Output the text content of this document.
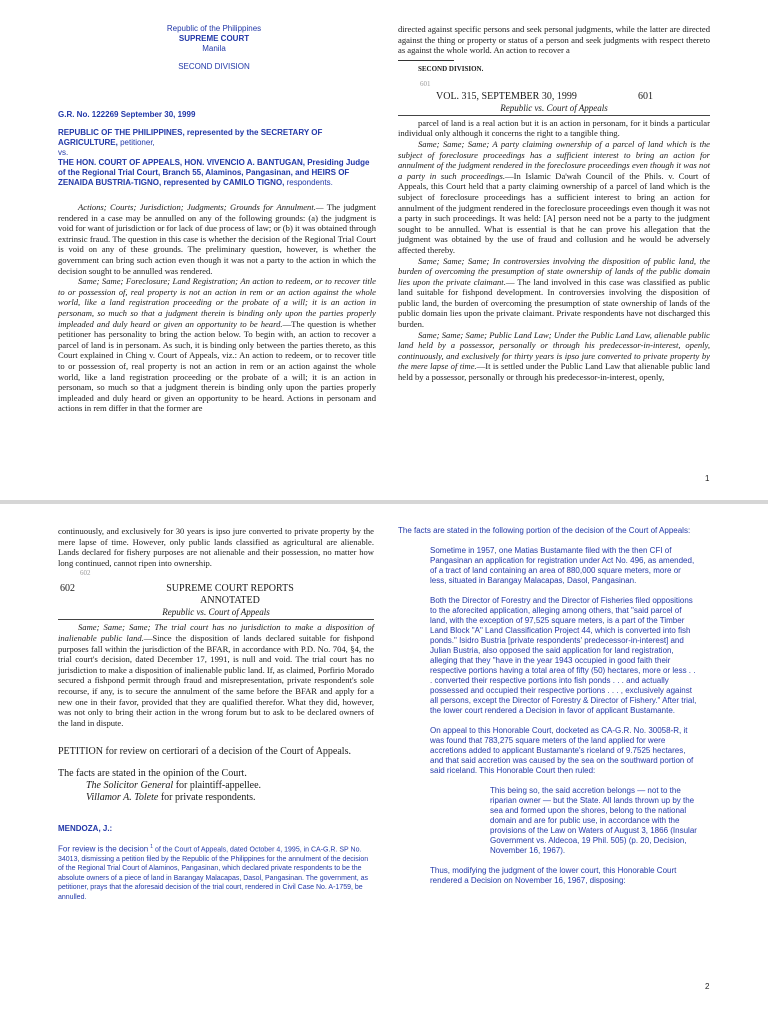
Republic of the Philippines

SUPREME COURT

Manila

SECOND DIVISION

G.R. No. 122269 September 30, 1999

REPUBLIC OF THE PHILIPPINES, represented by the SECRETARY OF AGRICULTURE, petitioner,

vs.

THE HON. COURT OF APPEALS, HON. VIVENCIO A. BANTUGAN, Presiding Judge of the Regional Trial Court, Branch 55, Alaminos, Pangasinan, and HEIRS OF ZENAIDA BUSTRIA-TIGNO, represented by CAMILO TIGNO, respondents.

Actions; Courts; Jurisdiction; Judgments; Grounds for Annulment.— The judgment rendered in a case may be annulled on any of the following grounds: (a) the judgment is void for want of jurisdiction or for lack of due process of law; or (b) it was obtained through extrinsic fraud. The question in this case is whether the decision of the Regional Trial Court is void on any of these grounds. The preliminary question, however, is whether the government can bring such action even though it was not a party to the action in which the decision sought to be annulled was rendered.

Same; Same; Foreclosure; Land Registration; An action to redeem, or to recover title to or possession of, real property is not an action in rem or an action against the whole world, like a land registration proceeding or the probate of a will; it is an action in personam, so much so that a judgment therein is binding only upon the parties properly impleaded and duly heard or given an opportunity to be heard.—The question is whether petitioner has personality to bring the action below. To begin with, an action to recover a parcel of land is in personam. As such, it is binding only between the parties thereto, as this Court explained in Ching v. Court of Appeals, viz.: An action to redeem, or to recover title to or possession of, real property is not an action in rem or an action against the whole world, like a land registration proceeding or the probate of a will; it is an action in personam, so much so that a judgment therein is binding only upon the parties properly impleaded and duly heard or given an opportunity to be heard. Actions in personam and actions in rem differ in that the former are

directed against specific persons and seek personal judgments, while the latter are directed against the thing or property or status of a person and seek judgments with respect thereto as against the whole world. An action to recover a

SECOND DIVISION.

601

VOL. 315, SEPTEMBER 30, 1999	601

Republic vs. Court of Appeals

parcel of land is a real action but it is an action in personam, for it binds a particular individual only although it concerns the right to a tangible thing.

Same; Same; Same; A party claiming ownership of a parcel of land which is the subject of foreclosure proceedings has a sufficient interest to bring an action for annulment of the judgment rendered in the foreclosure proceedings even though it was not a party in such proceedings.—In Islamic Da'wah Council of the Phils. v. Court of Appeals, this Court held that a party claiming ownership of a parcel of land which is the subject of foreclosure proceedings has a sufficient interest to bring an action for annulment of the judgment rendered in the foreclosure proceedings even though it was not a party in such proceedings. It was held: [A] person need not be a party to the judgment sought to be annulled. What is essential is that he can prove his allegation that the judgment was obtained by the use of fraud and collusion and he would be adversely affected thereby.

Same; Same; Same; In controversies involving the disposition of public land, the burden of overcoming the presumption of state ownership of lands of the public domain lies upon the private claimant.— The land involved in this case was classified as public land suitable for fishpond development. In controversies involving the disposition of public land, the burden of overcoming the presumption of state ownership of lands of the public domain lies upon the private claimant. Private respondents have not discharged this burden.

Same; Same; Same; Public Land Law; Under the Public Land Law, alienable public land held by a possessor, personally or through his predecessor-in-interest, openly, continuously, and exclusively for thirty years is ipso jure converted to private property by the mere lapse of time.—It is settled under the Public Land Law that alienable public land held by a possessor, personally or through his predecessor-in-interest, openly,

1

continuously, and exclusively for 30 years is ipso jure converted to private property by the mere lapse of time. However, only public lands classified as agricultural are alienable. Lands declared for fishery purposes are not alienable and their possession, no matter how long continued, cannot ripen into ownership.

602

602	SUPREME COURT REPORTS
ANNOTATED

Republic vs. Court of Appeals

Same; Same; Same; The trial court has no jurisdiction to make a disposition of inalienable public land.—Since the disposition of lands declared suitable for fishpond purposes fall within the jurisdiction of the BFAR, in accordance with P.D. No. 704, §4, the trial court's decision, dated December 17, 1991, is null and void. The trial court has no jurisdiction to make a disposition of inalienable public land. If, as claimed, Porfirio Morado secured a fishpond permit through fraud and misrepresentation, private respondent's sole recourse, if any, is to secure the annulment of the same before the BFAR and apply for a new one in their favor, provided that they are qualified therefor. What they did, however, was not only to bring their action in the wrong forum but to ask to be declared owners of the land in dispute.

PETITION for review on certiorari of a decision of the Court of Appeals.

The facts are stated in the opinion of the Court.

The Solicitor General for plaintiff-appellee.

Villamor A. Tolete for private respondents.

MENDOZA, J.:

For review is the decision $^1$ of the Court of Appeals, dated October 4, 1995, in CA-G.R. SP No. 34013, dismissing a petition filed by the Republic of the Philippines for the annulment of the decision of the Regional Trial Court of Alaminos, Pangasinan, which declared private respondents to be the absolute owners of a piece of land in Barangay Malacapas, Dasol, Pangasinan. The government, as petitioner, prays that the aforesaid decision of the trial court, rendered in Civil Case No. A-1759, be annulled.

The facts are stated in the following portion of the decision of the Court of Appeals:

Sometime in 1957, one Matias Bustamante filed with the then CFI of Pangasinan an application for registration under Act No. 496, as amended, of a tract of land containing an area of 880,000 square meters, more or less, situated in Barangay Malacapas, Dasol, Pangasinan.

Both the Director of Forestry and the Director of Fisheries filed oppositions to the aforecited application, alleging among others, that "said parcel of land, with the exception of 97,525 square meters, is a part of the Timber Land Block "A" Land Classification Project 44, which is converted into fish ponds." Isidro Bustria [private respondents' predecessor-in-interest] and Julian Bustria, also opposed the said application for land registration, alleging that they "have in the year 1943 occupied in good faith their respective portions having a total area of fifty (50) hectares, more or less . . . converted their respective portions into fish ponds . . . and actually possessed and occupied their respective portions . . . , exclusively against all persons, except the Director of Forestry & Director of Fishery." After trial, the lower court rendered a Decision in favor of applicant Bustamante.

On appeal to this Honorable Court, docketed as CA-G.R. No. 30058-R, it was found that 783,275 square meters of the land applied for were accretions added to applicant Bustamante's riceland of 9.7525 hectares, and that said accretion was caused by the sea on the southward portion of said riceland. This Honorable Court then ruled:

This being so, the said accretion belongs — not to the riparian owner — but the State. All lands thrown up by the sea and formed upon the shores, belong to the national domain and are for public use, in accordance with the provisions of the Law on Waters of August 3, 1866 (Insular Government vs. Aldecoa, 19 Phil. 505) (p. 20, Decision, November 16, 1967).

Thus, modifying the judgment of the lower court, this Honorable Court rendered a Decision on November 16, 1967, disposing:

2
